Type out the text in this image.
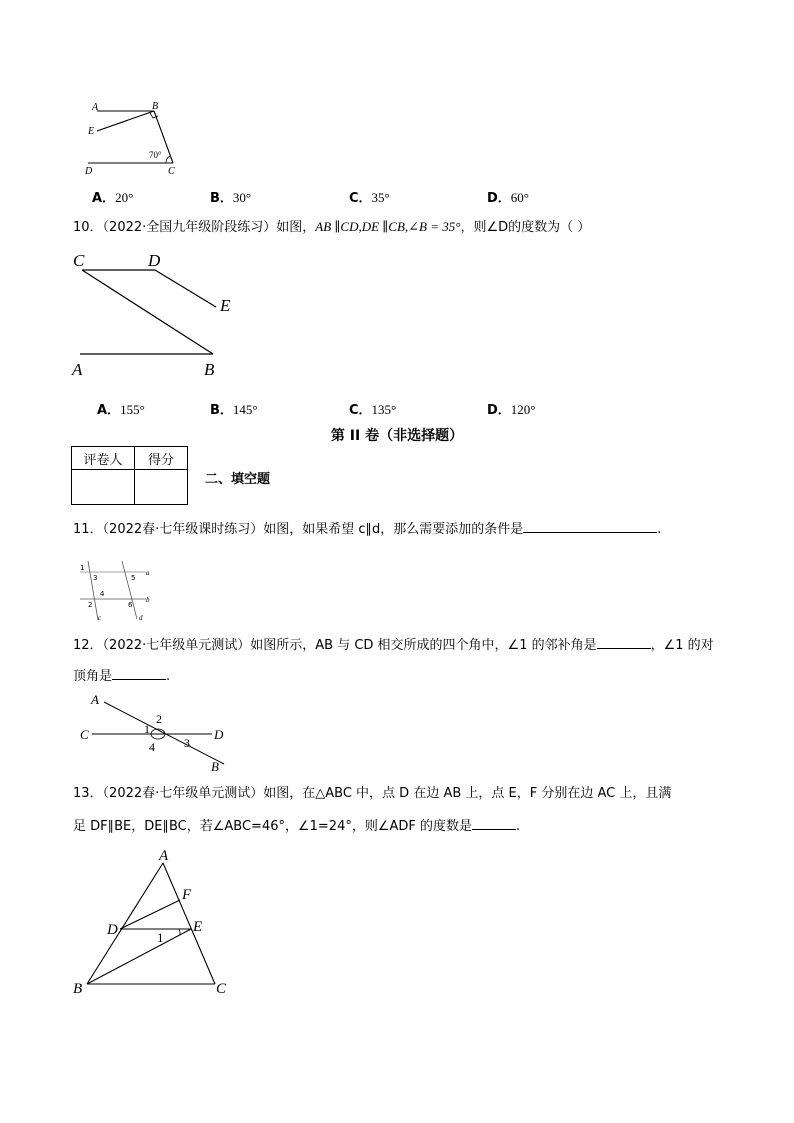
A	B
E
D	C
70°
A．20°	B．30°	C．35°	D．60°
10．（2022·全国九年级阶段练习）如图，AB ∥CD,DE ∥CB,∠B = 35°，则∠D的度数为（ ）
C	D
E
A	B
A．155°	B．145°	C．135°	D．120°
第 II 卷（非选择题）
评卷人	得分

二、填空题
11．（2022春·七年级课时练习）如图，如果希望 c∥d，那么需要添加的条件是	.
1
3	5
a
4
b
2	6
c	d
12．（2022·七年级单元测试）如图所示，AB 与 CD 相交所成的四个角中，∠1 的邻补角是	，∠1 的对
顶角是	.
A
C	D
B
1
2
3
4
13．（2022春·七年级单元测试）如图，在△ABC 中，点 D 在边 AB 上，点 E，F 分别在边 AC 上，且满
足 DF∥BE，DE∥BC，若∠ABC=46°，∠1=24°，则∠ADF 的度数是	.
A
F
D	E
1
B	C
